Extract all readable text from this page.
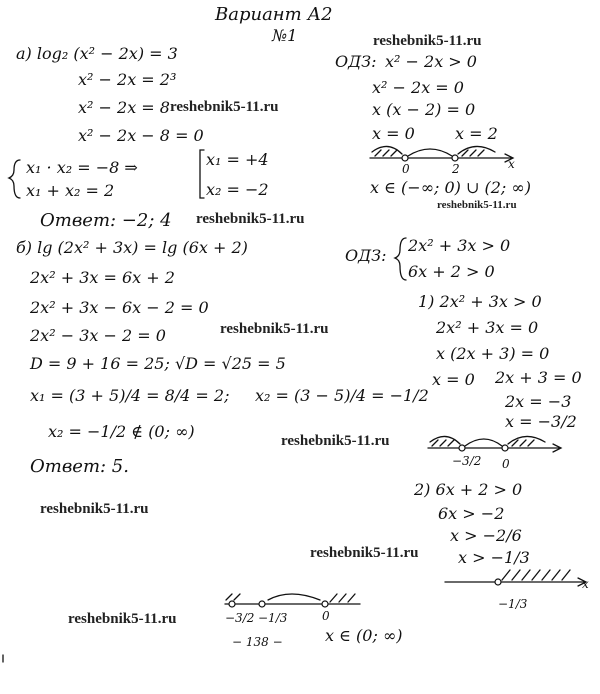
Вариант А2
№1
a) log₂ (x² − 2x) = 3
x² − 2x = 2³
x² − 2x = 8
x² − 2x − 8 = 0
x₁ · x₂ = −8 ⇒
x₁ + x₂ = 2
x₁ = +4
x₂ = −2
Ответ: −2; 4
ОДЗ: x² − 2x > 0
x² − 2x = 0
x (x − 2) = 0
x = 0	x = 2
0	2	x
x ∈ (−∞; 0) ∪ (2; ∞)
б) lg (2x² + 3x) = lg (6x + 2)
2x² + 3x = 6x + 2
2x² + 3x − 6x − 2 = 0
2x² − 3x − 2 = 0
D = 9 + 16 = 25; √D = √25 = 5
x₁ = (3 + 5)/4 = 8/4 = 2; x₂ = (3 − 5)/4 = −1/2
x₂ = −1/2 ∉ (0; ∞)
Ответ: 5.
ОДЗ:
2x² + 3x > 0
6x + 2 > 0
1) 2x² + 3x > 0
2x² + 3x = 0
x (2x + 3) = 0
x = 0 2x + 3 = 0
2x = −3
x = −3/2
−3/2 0
2) 6x + 2 > 0
6x > −2
x > −2/6
x > −1/3
−1/3
x
−3/2 −1/3	0
x ∈ (0; ∞)
− 138 −
reshebnik5-11.ru
reshebnik5-11.ru
reshebnik5-11.ru
reshebnik5-11.ru
reshebnik5-11.ru
reshebnik5-11.ru
reshebnik5-11.ru
reshebnik5-11.ru
reshebnik5-11.ru
